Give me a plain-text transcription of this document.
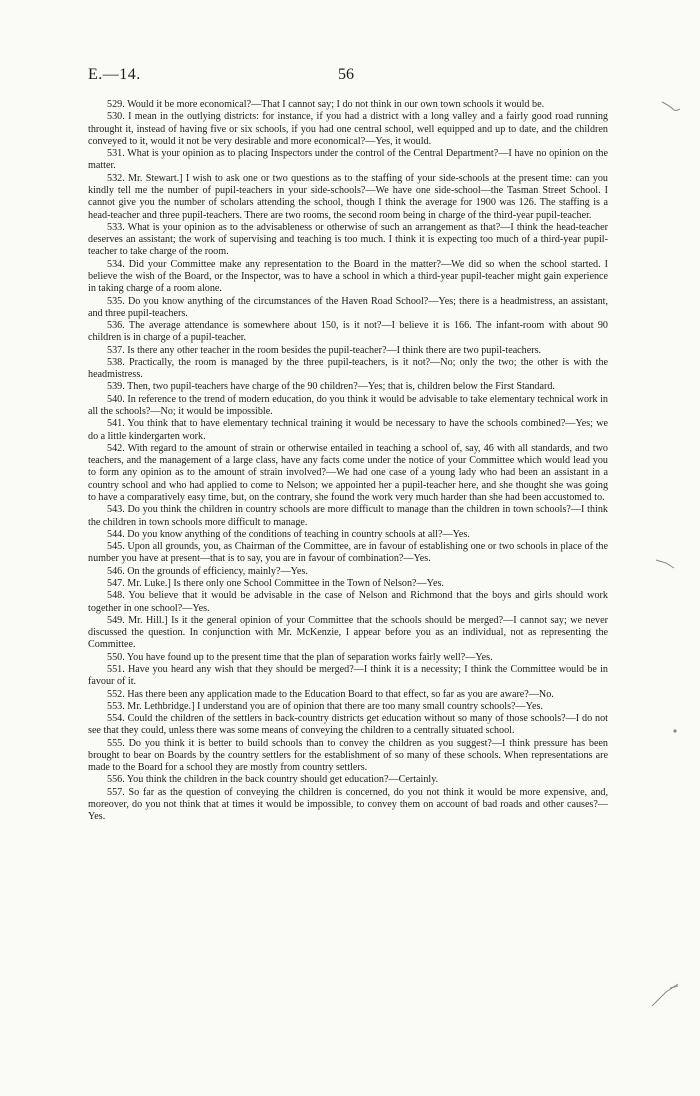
E.—14.	56

529. Would it be more economical?—That I cannot say; I do not think in our own town schools it would be.

530. I mean in the outlying districts: for instance, if you had a district with a long valley and a fairly good road running throught it, instead of having five or six schools, if you had one central school, well equipped and up to date, and the children conveyed to it, would it not be very desirable and more economical?—Yes, it would.

531. What is your opinion as to placing Inspectors under the control of the Central Department?—I have no opinion on the matter.

532. Mr. Stewart.] I wish to ask one or two questions as to the staffing of your side-schools at the present time: can you kindly tell me the number of pupil-teachers in your side-schools?—We have one side-school—the Tasman Street School. I cannot give you the number of scholars attending the school, though I think the average for 1900 was 126. The staffing is a head-teacher and three pupil-teachers. There are two rooms, the second room being in charge of the third-year pupil-teacher.

533. What is your opinion as to the advisableness or otherwise of such an arrangement as that?—I think the head-teacher deserves an assistant; the work of supervising and teaching is too much. I think it is expecting too much of a third-year pupil-teacher to take charge of the room.

534. Did your Committee make any representation to the Board in the matter?—We did so when the school started. I believe the wish of the Board, or the Inspector, was to have a school in which a third-year pupil-teacher might gain experience in taking charge of a room alone.

535. Do you know anything of the circumstances of the Haven Road School?—Yes; there is a headmistress, an assistant, and three pupil-teachers.

536. The average attendance is somewhere about 150, is it not?—I believe it is 166. The infant-room with about 90 children is in charge of a pupil-teacher.

537. Is there any other teacher in the room besides the pupil-teacher?—I think there are two pupil-teachers.

538. Practically, the room is managed by the three pupil-teachers, is it not?—No; only the two; the other is with the headmistress.

539. Then, two pupil-teachers have charge of the 90 children?—Yes; that is, children below the First Standard.

540. In reference to the trend of modern education, do you think it would be advisable to take elementary technical work in all the schools?—No; it would be impossible.

541. You think that to have elementary technical training it would be necessary to have the schools combined?—Yes; we do a little kindergarten work.

542. With regard to the amount of strain or otherwise entailed in teaching a school of, say, 46 with all standards, and two teachers, and the management of a large class, have any facts come under the notice of your Committee which would lead you to form any opinion as to the amount of strain involved?—We had one case of a young lady who had been an assistant in a country school and who had applied to come to Nelson; we appointed her a pupil-teacher here, and she thought she was going to have a comparatively easy time, but, on the contrary, she found the work very much harder than she had been accustomed to.

543. Do you think the children in country schools are more difficult to manage than the children in town schools?—I think the children in town schools more difficult to manage.

544. Do you know anything of the conditions of teaching in country schools at all?—Yes.

545. Upon all grounds, you, as Chairman of the Committee, are in favour of establishing one or two schools in place of the number you have at present—that is to say, you are in favour of combination?—Yes.

546. On the grounds of efficiency, mainly?—Yes.

547. Mr. Luke.] Is there only one School Committee in the Town of Nelson?—Yes.

548. You believe that it would be advisable in the case of Nelson and Richmond that the boys and girls should work together in one school?—Yes.

549. Mr. Hill.] Is it the general opinion of your Committee that the schools should be merged?—I cannot say; we never discussed the question. In conjunction with Mr. McKenzie, I appear before you as an individual, not as representing the Committee.

550. You have found up to the present time that the plan of separation works fairly well?—Yes.

551. Have you heard any wish that they should be merged?—I think it is a necessity; I think the Committee would be in favour of it.

552. Has there been any application made to the Education Board to that effect, so far as you are aware?—No.

553. Mr. Lethbridge.] I understand you are of opinion that there are too many small country schools?—Yes.

554. Could the children of the settlers in back-country districts get education without so many of those schools?—I do not see that they could, unless there was some means of conveying the children to a centrally situated school.

555. Do you think it is better to build schools than to convey the children as you suggest?—I think pressure has been brought to bear on Boards by the country settlers for the establishment of so many of these schools. When representations are made to the Board for a school they are mostly from country settlers.

556. You think the children in the back country should get education?—Certainly.

557. So far as the question of conveying the children is concerned, do you not think it would be more expensive, and, moreover, do you not think that at times it would be impossible, to convey them on account of bad roads and other causes?—Yes.
